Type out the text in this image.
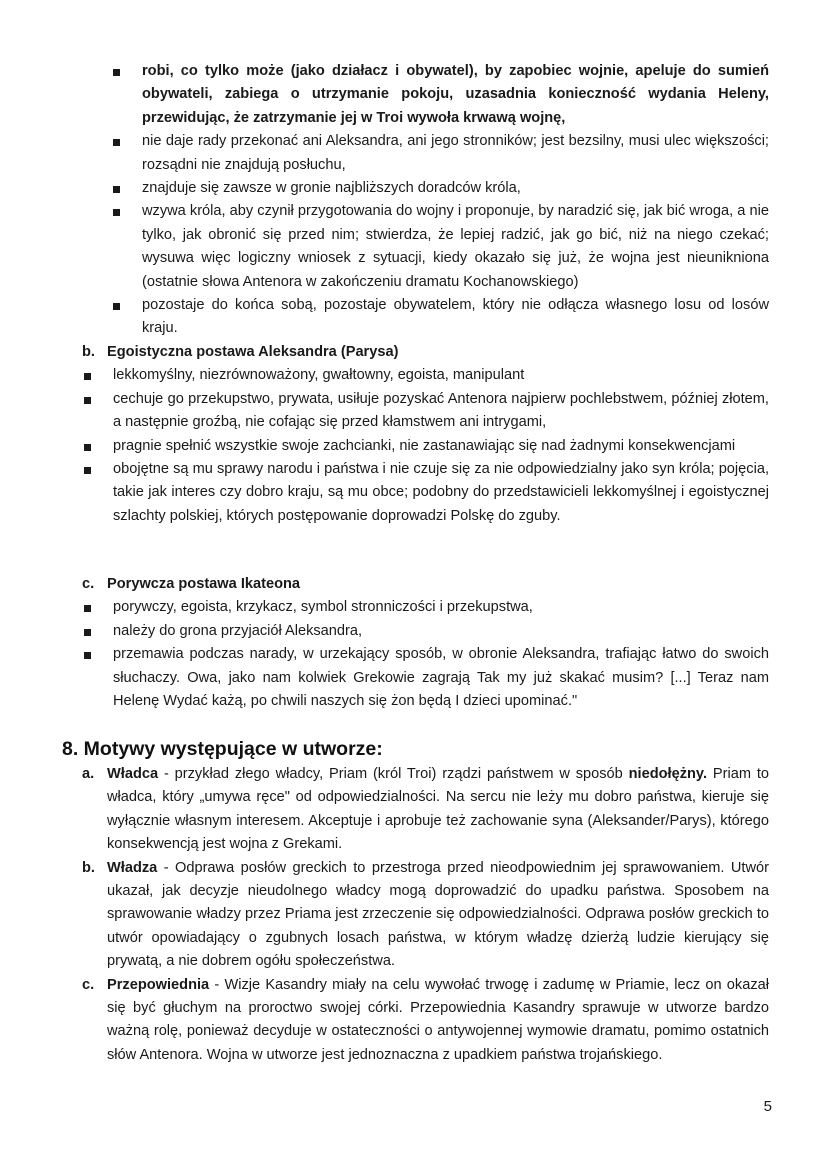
robi, co tylko może (jako działacz i obywatel), by zapobiec wojnie, apeluje do sumień obywateli, zabiega o utrzymanie pokoju, uzasadnia konieczność wydania Heleny, przewidując, że zatrzymanie jej w Troi wywoła krwawą wojnę,
nie daje rady przekonać ani Aleksandra, ani jego stronników; jest bezsilny, musi ulec większości; rozsądni nie znajdują posłuchu,
znajduje się zawsze w gronie najbliższych doradców króla,
wzywa króla, aby czynił przygotowania do wojny i proponuje, by naradzić się, jak bić wroga, a nie tylko, jak obronić się przed nim; stwierdza, że lepiej radzić, jak go bić, niż na niego czekać; wysuwa więc logiczny wniosek z sytuacji, kiedy okazało się już, że wojna jest nieunikniona (ostatnie słowa Antenora w zakończeniu dramatu Kochanowskiego)
pozostaje do końca sobą, pozostaje obywatelem, który nie odłącza własnego losu od losów kraju.
b. Egoistyczna postawa Aleksandra (Parysa)
lekkomyślny, niezrównoważony, gwałtowny, egoista, manipulant
cechuje go przekupstwo, prywata, usiłuje pozyskać Antenora najpierw pochlebstwem, później złotem, a następnie groźbą, nie cofając się przed kłamstwem ani intrygami,
pragnie spełnić wszystkie swoje zachcianki, nie zastanawiając się nad żadnymi konsekwencjami
obojętne są mu sprawy narodu i państwa i nie czuje się za nie odpowiedzialny jako syn króla; pojęcia, takie jak interes czy dobro kraju, są mu obce; podobny do przedstawicieli lekkomyślnej i egoistycznej szlachty polskiej, których postępowanie doprowadzi Polskę do zguby.
c. Porywcza postawa Ikateona
porywczy, egoista, krzykacz, symbol stronniczości i przekupstwa,
należy do grona przyjaciół Aleksandra,
przemawia podczas narady, w urzekający sposób, w obronie Aleksandra, trafiając łatwo do swoich słuchaczy. Owa, jako nam kolwiek Grekowie zagrają Tak my już skakać musim? [...] Teraz nam Helenę Wydać każą, po chwili naszych się żon będą I dzieci upominać."
8. Motywy występujące w utworze:
a. Władca - przykład złego władcy, Priam (król Troi) rządzi państwem w sposób niedołężny. Priam to władca, który „umywa ręce" od odpowiedzialności. Na sercu nie leży mu dobro państwa, kieruje się wyłącznie własnym interesem. Akceptuje i aprobuje też zachowanie syna (Aleksander/Parys), którego konsekwencją jest wojna z Grekami.
b. Władza - Odprawa posłów greckich to przestroga przed nieodpowiednim jej sprawowaniem. Utwór ukazał, jak decyzje nieudolnego władcy mogą doprowadzić do upadku państwa. Sposobem na sprawowanie władzy przez Priama jest zrzeczenie się odpowiedzialności. Odprawa posłów greckich to utwór opowiadający o zgubnych losach państwa, w którym władzę dzierżą ludzie kierujący się prywatą, a nie dobrem ogółu społeczeństwa.
c. Przepowiednia - Wizje Kasandry miały na celu wywołać trwogę i zadumę w Priamie, lecz on okazał się być głuchym na proroctwo swojej córki. Przepowiednia Kasandry sprawuje w utworze bardzo ważną rolę, ponieważ decyduje w ostateczności o antywojennej wymowie dramatu, pomimo ostatnich słów Antenora. Wojna w utworze jest jednoznaczna z upadkiem państwa trojańskiego.
5
